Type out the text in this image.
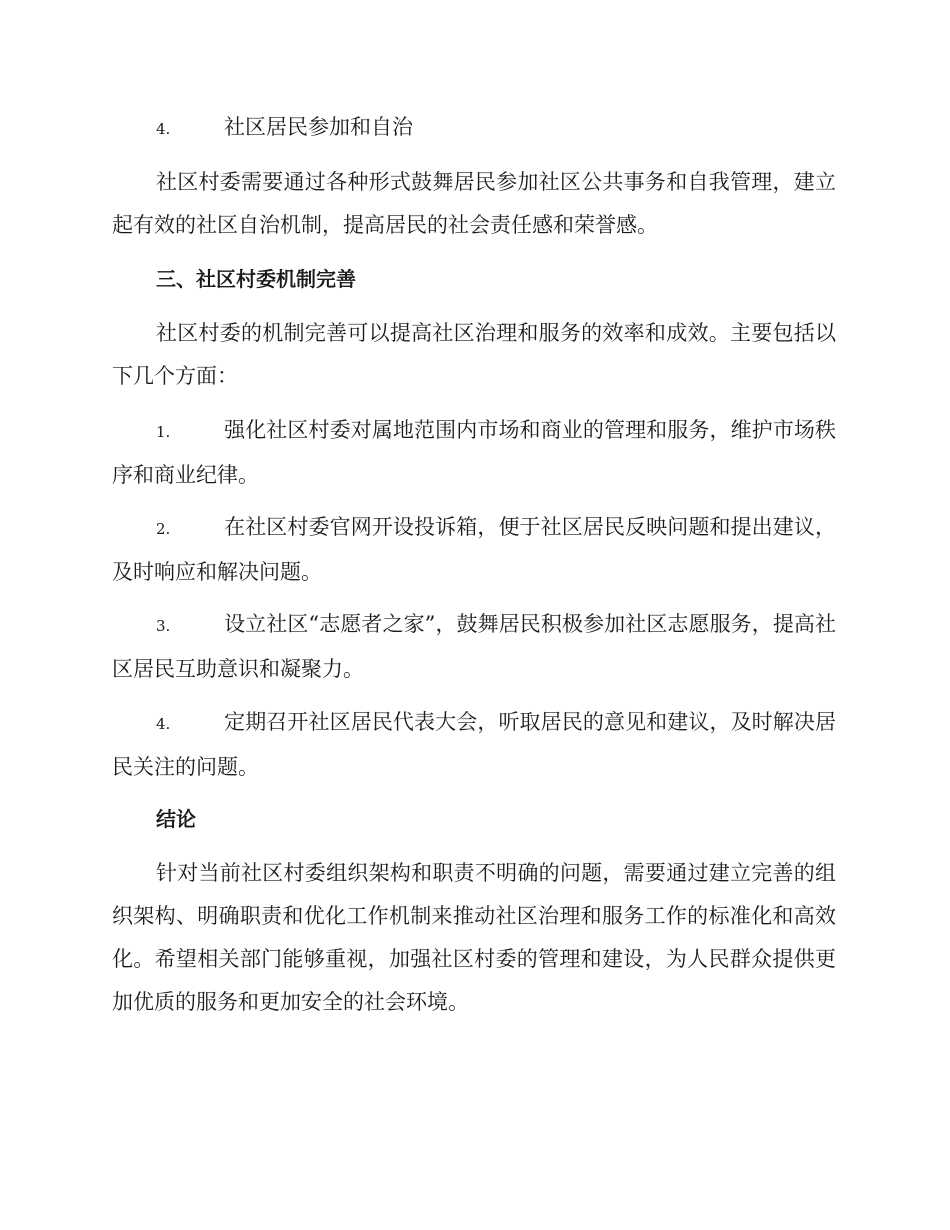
4.	社区居民参加和自治

社区村委需要通过各种形式鼓舞居民参加社区公共事务和自我管理，建立起有效的社区自治机制，提高居民的社会责任感和荣誉感。

三、社区村委机制完善

社区村委的机制完善可以提高社区治理和服务的效率和成效。主要包括以下几个方面：

1.	强化社区村委对属地范围内市场和商业的管理和服务，维护市场秩序和商业纪律。

2.	在社区村委官网开设投诉箱，便于社区居民反映问题和提出建议，及时响应和解决问题。

3.	设立社区“志愿者之家”，鼓舞居民积极参加社区志愿服务，提高社区居民互助意识和凝聚力。

4.	定期召开社区居民代表大会，听取居民的意见和建议，及时解决居民关注的问题。

结论

针对当前社区村委组织架构和职责不明确的问题，需要通过建立完善的组织架构、明确职责和优化工作机制来推动社区治理和服务工作的标准化和高效化。希望相关部门能够重视，加强社区村委的管理和建设，为人民群众提供更加优质的服务和更加安全的社会环境。
